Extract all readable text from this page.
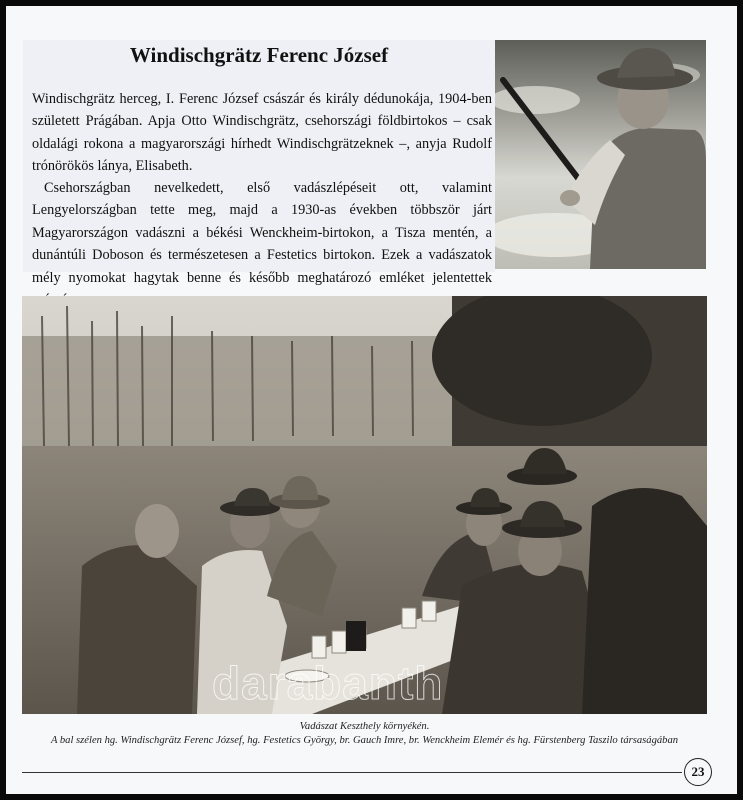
Windischgrätz Ferenc József

Windischgrätz herceg, I. Ferenc József császár és király dédunokája, 1904-ben született Prágában. Apja Otto Windischgrätz, csehországi földbirtokos – csak oldalági rokona a magyarországi hírhedt Windischgrätzeknek –, anyja Rudolf trónörökös lánya, Elisabeth.

Csehországban nevelkedett, első vadászlépéseit ott, valamint Lengyelországban tette meg, majd a 1930-as években többször járt Magyarországon vadászni a békési Wenckheim-birtokon, a Tisza mentén, a dunántúli Doboson és természetesen a Festetics birtokon. Ezek a vadászatok mély nyomokat hagytak benne és később meghatározó emléket jelentettek

darabanth

Vadászat Keszthely környékén.

A bal szélen hg. Windischgrätz Ferenc József, hg. Festetics György, br. Gauch Imre, br. Wenckheim Elemér és hg. Fürstenberg Taszilo társaságában

23
